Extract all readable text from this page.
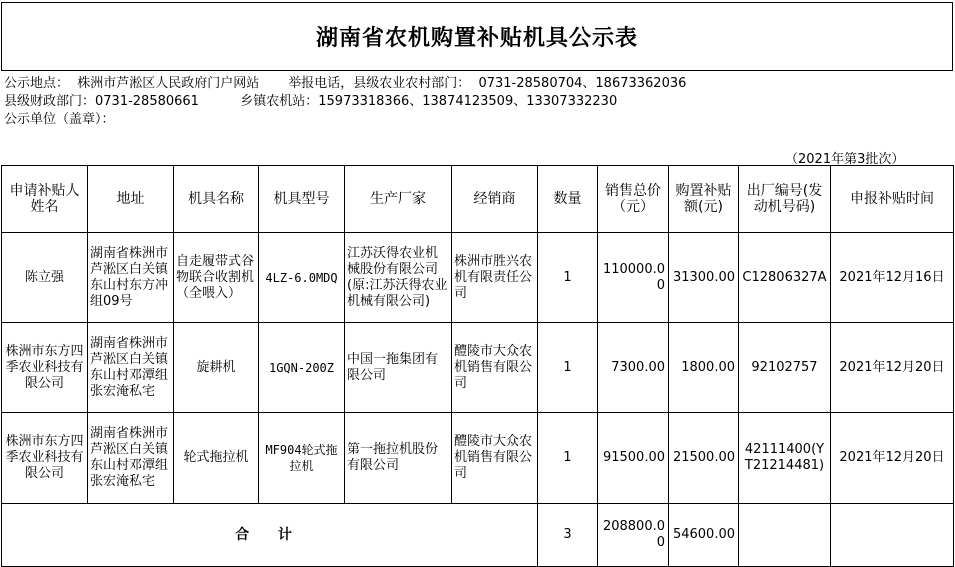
湖南省农机购置补贴机具公示表
公示地点：  株洲市芦淞区人民政府门户网站       举报电话，县级农业农村部门：  0731-28580704、18673362036
县级财政部门：0731-28580661          乡镇农机站：15973318366、13874123509、13307332230
公示单位（盖章）：
（2021年第3批次）
申请补贴人姓名	地址	机具名称	机具型号	生产厂家	经销商	数量	销售总价（元）	购置补贴额(元)	出厂编号(发动机号码)	申报补贴时间
陈立强	湖南省株洲市芦淞区白关镇东山村东方冲组09号	自走履带式谷物联合收割机（全喂入）	4LZ-6.0MDQ	江苏沃得农业机械股份有限公司(原:江苏沃得农业机械有限公司)	株洲市胜兴农机有限责任公司	1	110000.00	31300.00	C12806327A	2021年12月16日
株洲市东方四季农业科技有限公司	湖南省株洲市芦淞区白关镇东山村邓潭组张宏淹私宅	旋耕机	1GQN-200Z	中国一拖集团有限公司	醴陵市大众农机销售有限公司	1	7300.00	1800.00	92102757	2021年12月20日
株洲市东方四季农业科技有限公司	湖南省株洲市芦淞区白关镇东山村邓潭组张宏淹私宅	轮式拖拉机	MF904轮式拖拉机	第一拖拉机股份有限公司	醴陵市大众农机销售有限公司	1	91500.00	21500.00	42111400(YT21214481)	2021年12月20日
合 计						3	208800.00	54600.00		
